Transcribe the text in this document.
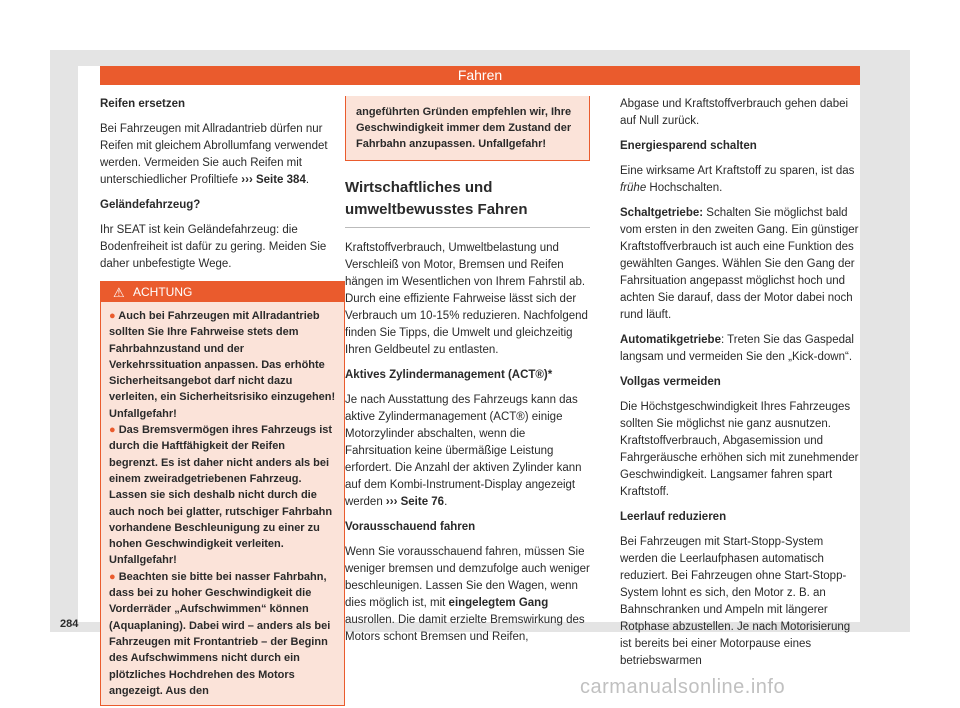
Fahren

Reifen ersetzen

Bei Fahrzeugen mit Allradantrieb dürfen nur Reifen mit gleichem Abrollumfang verwendet werden. Vermeiden Sie auch Reifen mit unterschiedlicher Profiltiefe ››› Seite 384.

Geländefahrzeug?

Ihr SEAT ist kein Geländefahrzeug: die Bodenfreiheit ist dafür zu gering. Meiden Sie daher unbefestigte Wege.

⚠ ACHTUNG

● Auch bei Fahrzeugen mit Allradantrieb sollten Sie Ihre Fahrweise stets dem Fahrbahnzustand und der Verkehrssituation anpassen. Das erhöhte Sicherheitsangebot darf nicht dazu verleiten, ein Sicherheitsrisiko einzugehen! Unfallgefahr!

● Das Bremsvermögen ihres Fahrzeugs ist durch die Haftfähigkeit der Reifen begrenzt. Es ist daher nicht anders als bei einem zweiradgetriebenen Fahrzeug. Lassen sie sich deshalb nicht durch die auch noch bei glatter, rutschiger Fahrbahn vorhandene Beschleunigung zu einer zu hohen Geschwindigkeit verleiten. Unfallgefahr!

● Beachten sie bitte bei nasser Fahrbahn, dass bei zu hoher Geschwindigkeit die Vorderräder „Aufschwimmen“ können (Aquaplaning). Dabei wird – anders als bei Fahrzeugen mit Frontantrieb – der Beginn des Aufschwimmens nicht durch ein plötzliches Hochdrehen des Motors angezeigt. Aus den

angeführten Gründen empfehlen wir, Ihre Geschwindigkeit immer dem Zustand der Fahrbahn anzupassen. Unfallgefahr!
Wirtschaftliches und umweltbewusstes Fahren

Kraftstoffverbrauch, Umweltbelastung und Verschleiß von Motor, Bremsen und Reifen hängen im Wesentlichen von Ihrem Fahrstil ab. Durch eine effiziente Fahrweise lässt sich der Verbrauch um 10-15% reduzieren. Nachfolgend finden Sie Tipps, die Umwelt und gleichzeitig Ihren Geldbeutel zu entlasten.

Aktives Zylindermanagement (ACT®)*

Je nach Ausstattung des Fahrzeugs kann das aktive Zylindermanagement (ACT®) einige Motorzylinder abschalten, wenn die Fahrsituation keine übermäßige Leistung erfordert. Die Anzahl der aktiven Zylinder kann auf dem Kombi-Instrument-Display angezeigt werden ››› Seite 76.

Vorausschauend fahren

Wenn Sie vorausschauend fahren, müssen Sie weniger bremsen und demzufolge auch weniger beschleunigen. Lassen Sie den Wagen, wenn dies möglich ist, mit eingelegtem Gang ausrollen. Die damit erzielte Bremswirkung des Motors schont Bremsen und Reifen,

Abgase und Kraftstoffverbrauch gehen dabei auf Null zurück.

Energiesparend schalten

Eine wirksame Art Kraftstoff zu sparen, ist das frühe Hochschalten.

Schaltgetriebe: Schalten Sie möglichst bald vom ersten in den zweiten Gang. Ein günstiger Kraftstoffverbrauch ist auch eine Funktion des gewählten Ganges. Wählen Sie den Gang der Fahrsituation angepasst möglichst hoch und achten Sie darauf, dass der Motor dabei noch rund läuft.

Automatikgetriebe: Treten Sie das Gaspedal langsam und vermeiden Sie den „Kick-down“.

Vollgas vermeiden

Die Höchstgeschwindigkeit Ihres Fahrzeuges sollten Sie möglichst nie ganz ausnutzen. Kraftstoffverbrauch, Abgasemission und Fahrgeräusche erhöhen sich mit zunehmender Geschwindigkeit. Langsamer fahren spart Kraftstoff.

Leerlauf reduzieren

Bei Fahrzeugen mit Start-Stopp-System werden die Leerlaufphasen automatisch reduziert. Bei Fahrzeugen ohne Start-Stopp-System lohnt es sich, den Motor z. B. an Bahnschranken und Ampeln mit längerer Rotphase abzustellen. Je nach Motorisierung ist bereits bei einer Motorpause eines betriebswarmen

284
carmanualsonline.info
